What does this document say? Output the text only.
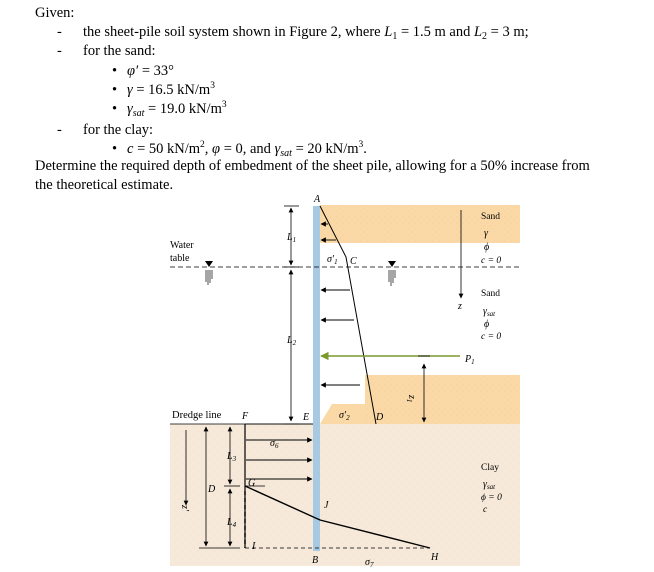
Given:
- the sheet-pile soil system shown in Figure 2, where $L_1 = 1.5$ m and $L_2 = 3$ m;
- for the sand:
• φ′ = 33°
• γ = 16.5 $kN/m^3$
• $\gamma_{sat} = 19.0$ $kN/m^3$
- for the clay:
• c = 50 $kN/m^2$, φ = 0, and $\gamma_{sat} = 20$ $kN/m^3$.
Determine the required depth of embedment of the sheet pile, allowing for a 50% increase from
the theoretical estimate.
A
B
C
D
E
F
G
H
I
J
$L_1$
$L_2$
$L_3$
$L_4$
D
z
z′
$z_1$
$P_1$
$\sigma'_1$
$\sigma'_2$
$\sigma_6$
$\sigma_7$
Water
table
Dredge line
Sand
γ
ϕ
c = 0
Sand
$\gamma_{sat}$
ϕ
c = 0
Clay
$\gamma_{sat}$
ϕ = 0
c
